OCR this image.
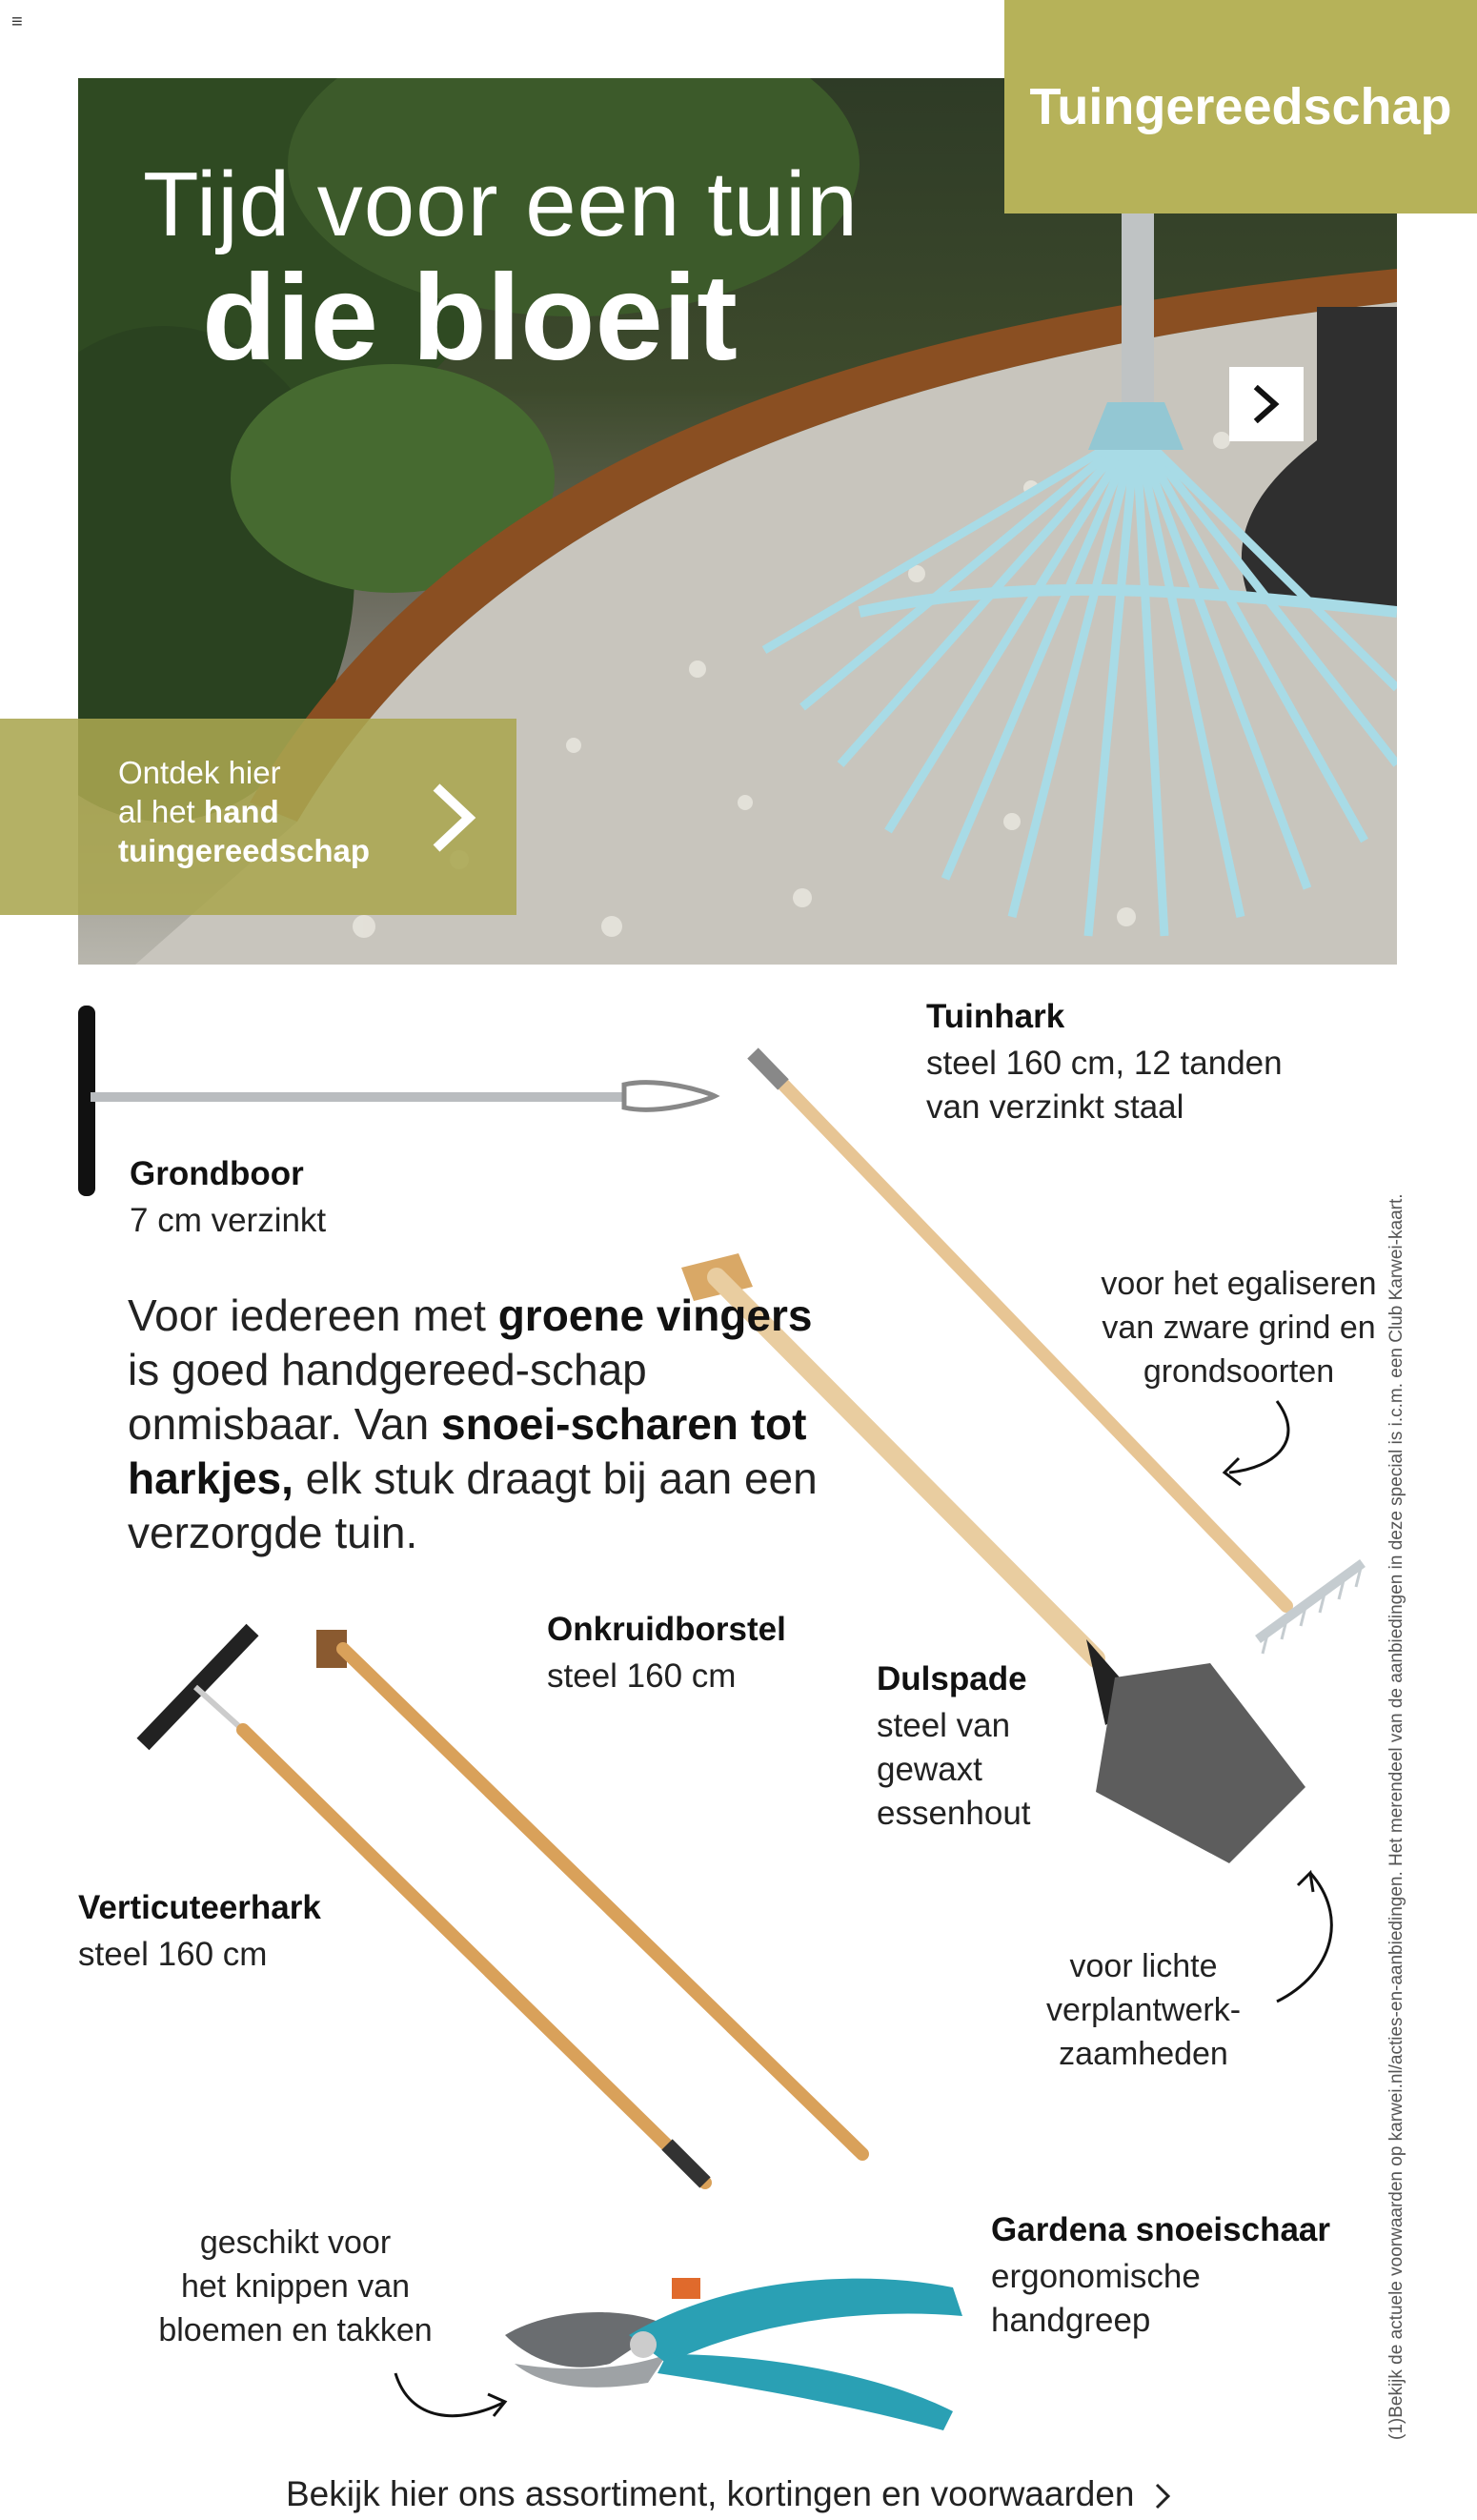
≡
Tijd voor een tuin
die bloeit
Tuingereedschap
Ontdek hier
al het hand
tuingereedschap
Grondboor
7 cm verzinkt
Tuinhark
steel 160 cm, 12 tanden
van verzinkt staal
voor het egaliseren
van zware grind en
grondsoorten
Voor iedereen met groene vingers is goed handgereed-schap onmisbaar. Van snoei-scharen tot harkjes, elk stuk draagt bij aan een verzorgde tuin.
Onkruidborstel
steel 160 cm	Dulspade
steel van
gewaxt
essenhout
Verticuteerhark
steel 160 cm	voor lichte
verplantwerk-
zaamheden
geschikt voor
het knippen van
bloemen en takken
Gardena snoeischaar
ergonomische
handgreep	(1)Bekijk de actuele voorwaarden op karwei.nl/acties-en-aanbiedingen. Het merendeel van de aanbiedingen in deze special is i.c.m. een Club Karwei-kaart.
Bekijk hier ons assortiment, kortingen en voorwaarden
